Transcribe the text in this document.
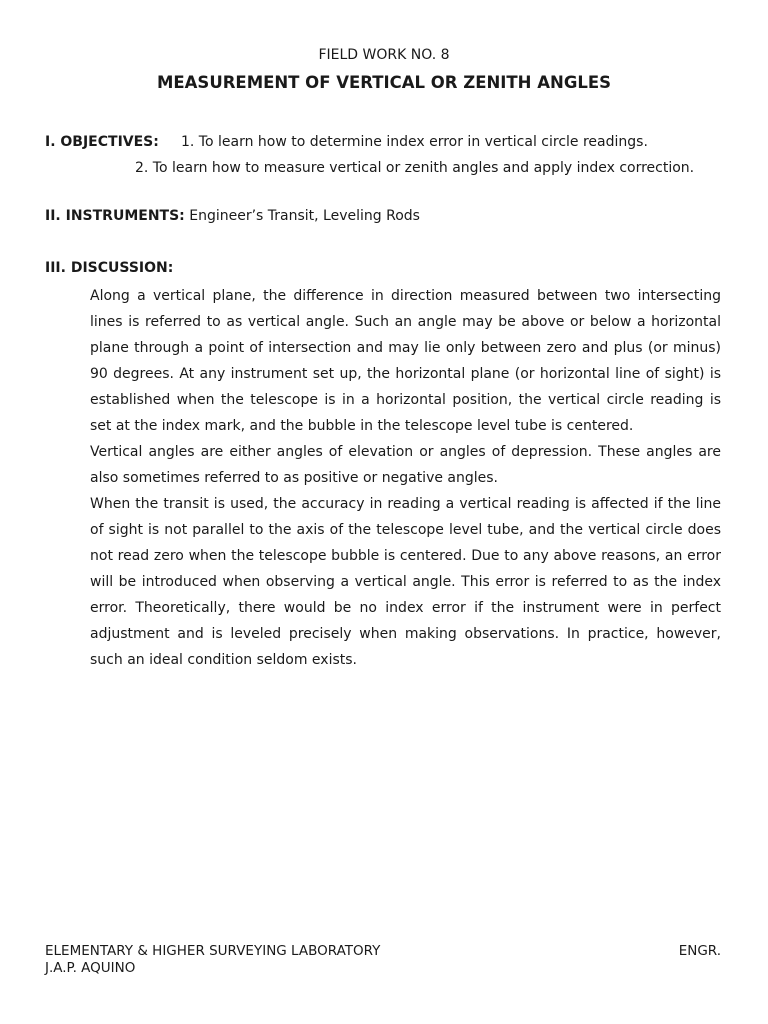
FIELD WORK NO. 8
MEASUREMENT OF VERTICAL OR ZENITH ANGLES
I. OBJECTIVES: 1. To learn how to determine index error in vertical circle readings.
2. To learn how to measure vertical or zenith angles and apply index correction.
II. INSTRUMENTS: Engineer’s Transit, Leveling Rods
III. DISCUSSION:

Along a vertical plane, the difference in direction measured between two intersecting lines is referred to as vertical angle. Such an angle may be above or below a horizontal plane through a point of intersection and may lie only between zero and plus (or minus) 90 degrees. At any instrument set up, the horizontal plane (or horizontal line of sight) is established when the telescope is in a horizontal position, the vertical circle reading is set at the index mark, and the bubble in the telescope level tube is centered.

Vertical angles are either angles of elevation or angles of depression. These angles are also sometimes referred to as positive or negative angles.

When the transit is used, the accuracy in reading a vertical reading is affected if the line of sight is not parallel to the axis of the telescope level tube, and the vertical circle does not read zero when the telescope bubble is centered. Due to any above reasons, an error will be introduced when observing a vertical angle. This error is referred to as the index error. Theoretically, there would be no index error if the instrument were in perfect adjustment and is leveled precisely when making observations. In practice, however, such an ideal condition seldom exists.

ELEMENTARY & HIGHER SURVEYING LABORATORY	ENGR.
J.A.P. AQUINO
